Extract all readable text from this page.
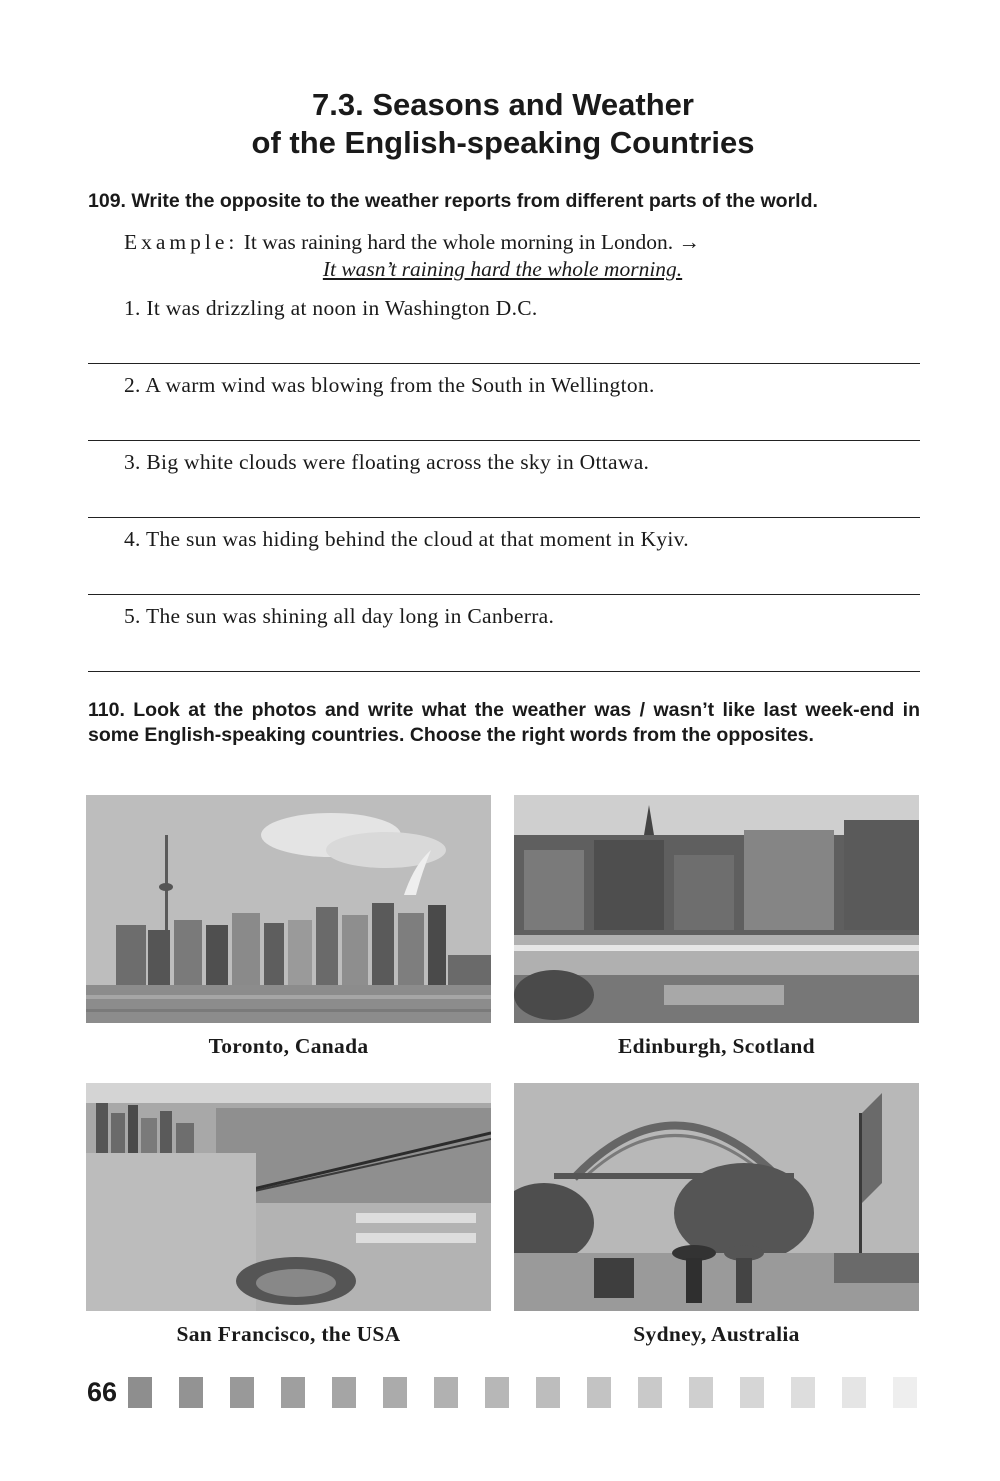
7.3. Seasons and Weather
of the English-speaking Countries
109. Write the opposite to the weather reports from different parts of the world.
Example: It was raining hard the whole morning in London. →
It wasn’t raining hard the whole morning.
1. It was drizzling at noon in Washington D.C.
2. A warm wind was blowing from the South in Wellington.
3. Big white clouds were floating across the sky in Ottawa.
4. The sun was hiding behind the cloud at that moment in Kyiv.
5. The sun was shining all day long in Canberra.
110. Look at the photos and write what the weather was / wasn’t like last week-end in some English-speaking countries. Choose the right words from the opposites.
Toronto, Canada	Edinburgh, Scotland
San Francisco, the USA	Sydney, Australia
66
